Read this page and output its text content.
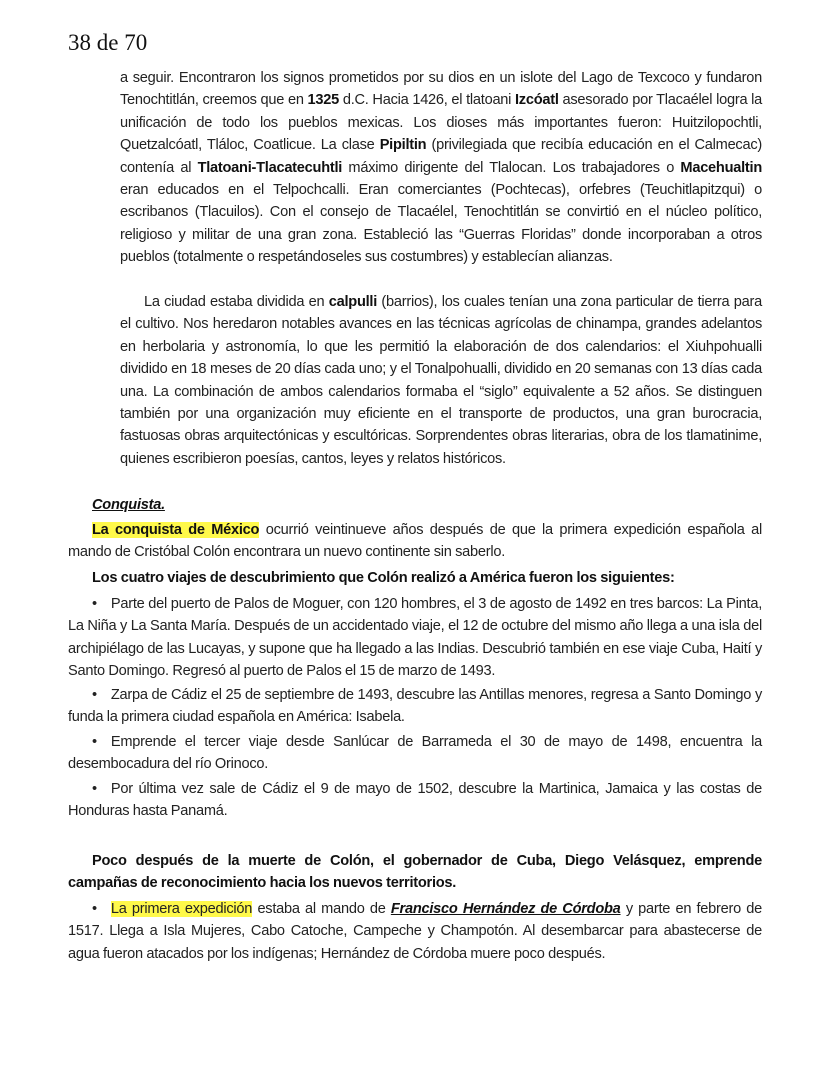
38 de 70

a seguir. Encontraron los signos prometidos por su dios en un islote del Lago de Texcoco y fundaron Tenochtitlán, creemos que en 1325 d.C. Hacia 1426, el tlatoani Izcóatl asesorado por Tlacaélel logra la unificación de todo los pueblos mexicas. Los dioses más importantes fueron: Huitzilopochtli, Quetzalcóatl, Tláloc, Coatlicue. La clase Pipiltin (privilegiada que recibía educación en el Calmecac) contenía al Tlatoani-Tlacatecuhtli máximo dirigente del Tlalocan. Los trabajadores o Macehualtin eran educados en el Telpochcalli. Eran comerciantes (Pochtecas), orfebres (Teuchitlapitzqui) o escribanos (Tlacuilos). Con el consejo de Tlacaélel, Tenochtitlán se convirtió en el núcleo político, religioso y militar de una gran zona. Estableció las “Guerras Floridas” donde incorporaban a otros pueblos (totalmente o respetándoseles sus costumbres) y establecían alianzas.

La ciudad estaba dividida en calpulli (barrios), los cuales tenían una zona particular de tierra para el cultivo. Nos heredaron notables avances en las técnicas agrícolas de chinampa, grandes adelantos en herbolaria y astronomía, lo que les permitió la elaboración de dos calendarios: el Xiuhpohualli dividido en 18 meses de 20 días cada uno; y el Tonalpohualli, dividido en 20 semanas con 13 días cada una. La combinación de ambos calendarios formaba el “siglo” equivalente a 52 años. Se distinguen también por una organización muy eficiente en el transporte de productos, una gran burocracia, fastuosas obras arquitectónicas y escultóricas. Sorprendentes obras literarias, obra de los tlamatinime, quienes escribieron poesías, cantos, leyes y relatos históricos.

Conquista.

La conquista de México ocurrió veintinueve años después de que la primera expedición española al mando de Cristóbal Colón encontrara un nuevo continente sin saberlo.

Los cuatro viajes de descubrimiento que Colón realizó a América fueron los siguientes:

• Parte del puerto de Palos de Moguer, con 120 hombres, el 3 de agosto de 1492 en tres barcos: La Pinta, La Niña y La Santa María. Después de un accidentado viaje, el 12 de octubre del mismo año llega a una isla del archipiélago de las Lucayas, y supone que ha llegado a las Indias. Descubrió también en ese viaje Cuba, Haití y Santo Domingo. Regresó al puerto de Palos el 15 de marzo de 1493.

• Zarpa de Cádiz el 25 de septiembre de 1493, descubre las Antillas menores, regresa a Santo Domingo y funda la primera ciudad española en América: Isabela.

• Emprende el tercer viaje desde Sanlúcar de Barrameda el 30 de mayo de 1498, encuentra la desembocadura del río Orinoco.

• Por última vez sale de Cádiz el 9 de mayo de 1502, descubre la Martinica, Jamaica y las costas de Honduras hasta Panamá.

Poco después de la muerte de Colón, el gobernador de Cuba, Diego Velásquez, emprende campañas de reconocimiento hacia los nuevos territorios.

• La primera expedición estaba al mando de Francisco Hernández de Córdoba y parte en febrero de 1517. Llega a Isla Mujeres, Cabo Catoche, Campeche y Champotón. Al desembarcar para abastecerse de agua fueron atacados por los indígenas; Hernández de Córdoba muere poco después.
